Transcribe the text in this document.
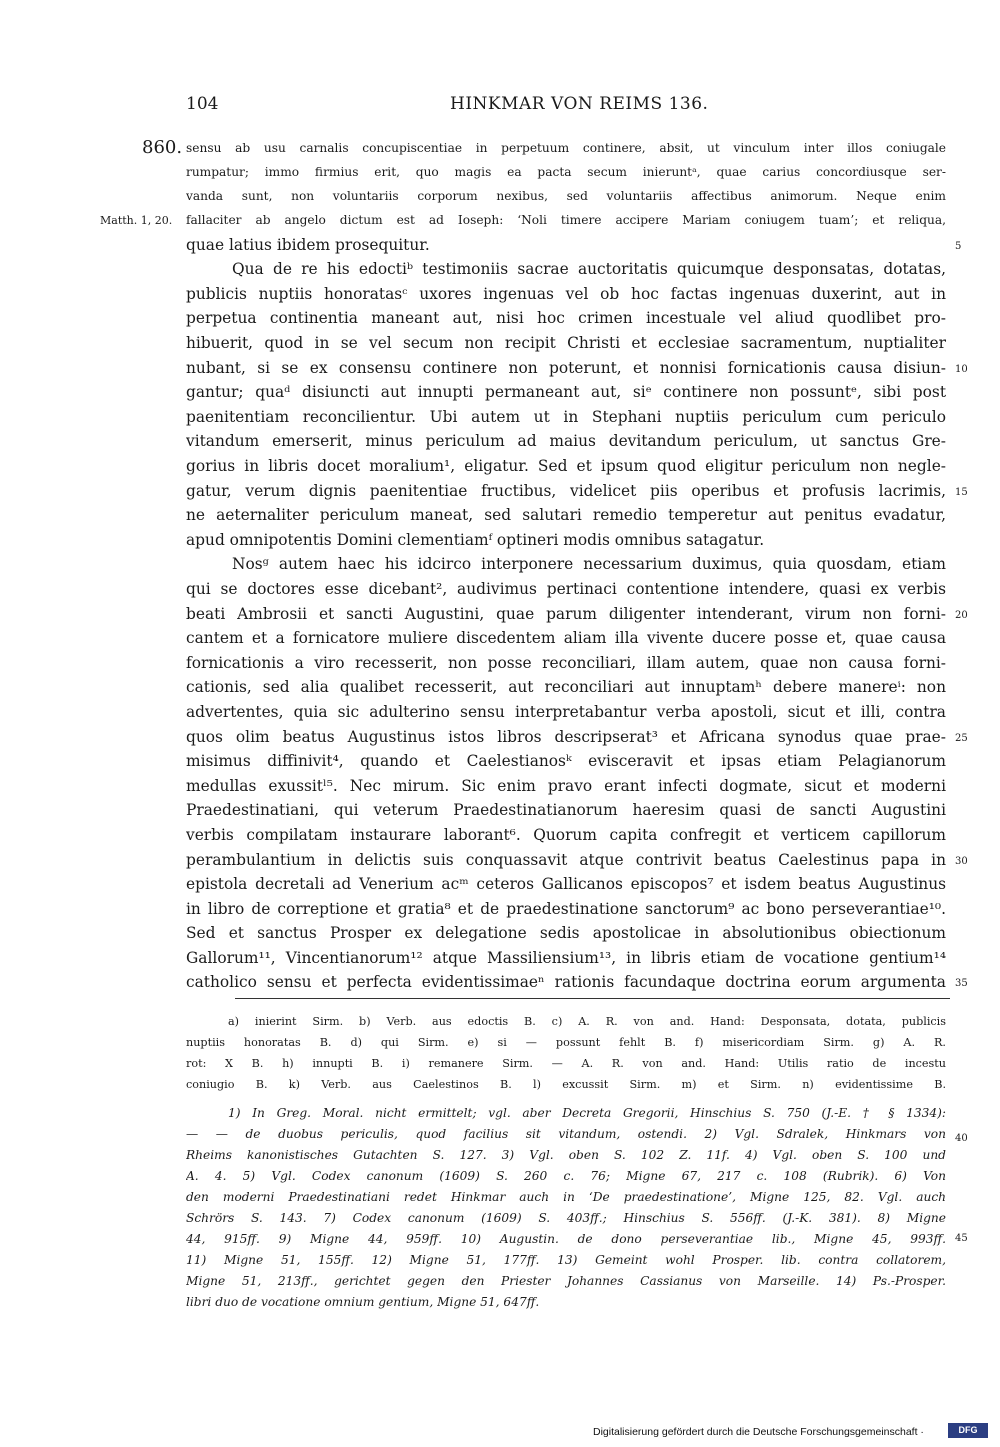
104	HINKMAR VON REIMS 136.
860.
Matth. 1, 20.
sensu ab usu carnalis concupiscentiae in perpetuum continere, absit, ut vinculum inter illos coniugale
rumpatur; immo firmius erit, quo magis ea pacta secum inieruntᵃ, quae carius concordiusque ser-
vanda sunt, non voluntariis corporum nexibus, sed voluntariis affectibus animorum. Neque enim
fallaciter ab angelo dictum est ad Ioseph: ‘Noli timere accipere Mariam coniugem tuam’; et reliqua,
quae latius ibidem prosequitur.
Qua de re his edoctiᵇ testimoniis sacrae auctoritatis quicumque desponsatas, dotatas,
publicis nuptiis honoratasᶜ uxores ingenuas vel ob hoc factas ingenuas duxerint, aut in
perpetua continentia maneant aut, nisi hoc crimen incestuale vel aliud quodlibet pro-
hibuerit, quod in se vel secum non recipit Christi et ecclesiae sacramentum, nuptialiter
nubant, si se ex consensu continere non poterunt, et nonnisi fornicationis causa disiun-
gantur; quaᵈ disiuncti aut innupti permaneant aut, siᵉ continere non possuntᵉ, sibi post
paenitentiam reconcilientur. Ubi autem ut in Stephani nuptiis periculum cum periculo
vitandum emerserit, minus periculum ad maius devitandum periculum, ut sanctus Gre-
gorius in libris docet moralium¹, eligatur. Sed et ipsum quod eligitur periculum non negle-
gatur, verum dignis paenitentiae fructibus, videlicet piis operibus et profusis lacrimis,
ne aeternaliter periculum maneat, sed salutari remedio temperetur aut penitus evadatur,
apud omnipotentis Domini clementiamᶠ optineri modis omnibus satagatur.
Nosᵍ autem haec his idcirco interponere necessarium duximus, quia quosdam, etiam
qui se doctores esse dicebant², audivimus pertinaci contentione intendere, quasi ex verbis
beati Ambrosii et sancti Augustini, quae parum diligenter intenderant, virum non forni-
cantem et a fornicatore muliere discedentem aliam illa vivente ducere posse et, quae causa
fornicationis a viro recesserit, non posse reconciliari, illam autem, quae non causa forni-
cationis, sed alia qualibet recesserit, aut reconciliari aut innuptamʰ debere manereⁱ: non
advertentes, quia sic adulterino sensu interpretabantur verba apostoli, sicut et illi, contra
quos olim beatus Augustinus istos libros descripserat³ et Africana synodus quae prae-
misimus diffinivit⁴, quando et Caelestianosᵏ evisceravit et ipsas etiam Pelagianorum
medullas exussitˡ⁵. Nec mirum. Sic enim pravo erant infecti dogmate, sicut et moderni
Praedestinatiani, qui veterum Praedestinatianorum haeresim quasi de sancti Augustini
verbis compilatam instaurare laborant⁶. Quorum capita confregit et verticem capillorum
perambulantium in delictis suis conquassavit atque contrivit beatus Caelestinus papa in
epistola decretali ad Venerium acᵐ ceteros Gallicanos episcopos⁷ et isdem beatus Augustinus
in libro de correptione et gratia⁸ et de praedestinatione sanctorum⁹ ac bono perseverantiae¹⁰.
Sed et sanctus Prosper ex delegatione sedis apostolicae in absolutionibus obiectionum
Gallorum¹¹, Vincentianorum¹² atque Massiliensium¹³, in libris etiam de vocatione gentium¹⁴
catholico sensu et perfecta evidentissimaeⁿ rationis facundaque doctrina eorum argumenta
5
10
15
20
25
30
35
40
45
a) inierint Sirm. b) Verb. aus edoctis B. c) A. R. von and. Hand: Desponsata, dotata, publicis
nuptiis honoratas B. d) qui Sirm. e) si — possunt fehlt B. f) misericordiam Sirm. g) A. R.
rot: X B. h) innupti B. i) remanere Sirm. — A. R. von and. Hand: Utilis ratio de incestu
coniugio B. k) Verb. aus Caelestinos B. l) excussit Sirm. m) et Sirm. n) evidentissime B.
1) In Greg. Moral. nicht ermittelt; vgl. aber Decreta Gregorii, Hinschius S. 750 (J.-E. † § 1334):
— — de duobus periculis, quod facilius sit vitandum, ostendi. 2) Vgl. Sdralek, Hinkmars von
Rheims kanonistisches Gutachten S. 127. 3) Vgl. oben S. 102 Z. 11f. 4) Vgl. oben S. 100 und
A. 4. 5) Vgl. Codex canonum (1609) S. 260 c. 76; Migne 67, 217 c. 108 (Rubrik). 6) Von
den moderni Praedestinatiani redet Hinkmar auch in ‘De praedestinatione’, Migne 125, 82. Vgl. auch
Schrörs S. 143. 7) Codex canonum (1609) S. 403ff.; Hinschius S. 556ff. (J.-K. 381). 8) Migne
44, 915ff. 9) Migne 44, 959ff. 10) Augustin. de dono perseverantiae lib., Migne 45, 993ff.
11) Migne 51, 155ff. 12) Migne 51, 177ff. 13) Gemeint wohl Prosper. lib. contra collatorem,
Migne 51, 213ff., gerichtet gegen den Priester Johannes Cassianus von Marseille. 14) Ps.-Prosper.
libri duo de vocatione omnium gentium, Migne 51, 647ff.
Digitalisierung gefördert durch die Deutsche Forschungsgemeinschaft ·	DFG
